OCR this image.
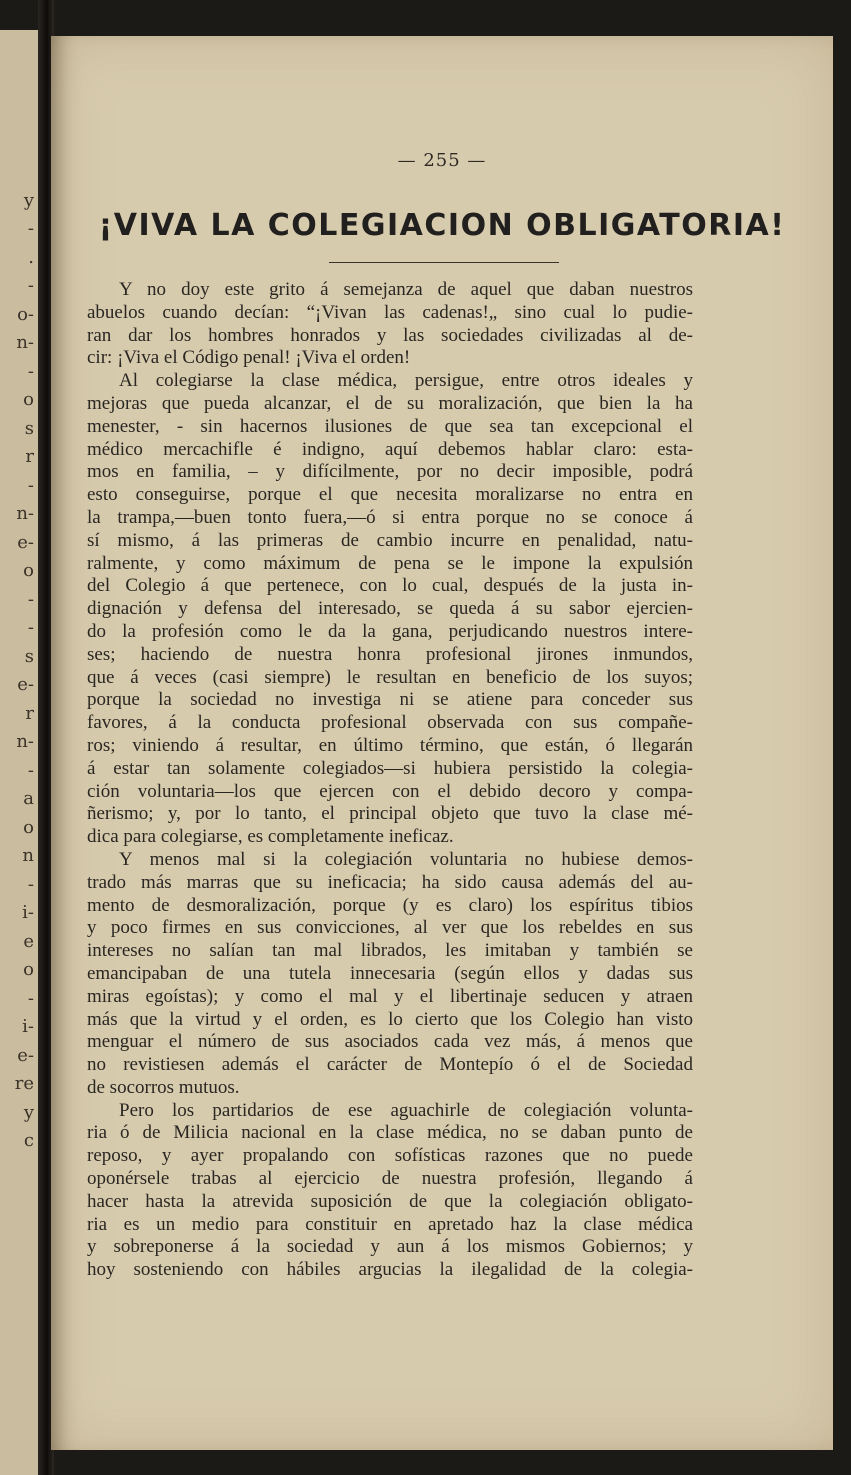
y
-
.
-
o-
n-
-
o
s
r
-
n-
e-
o
-
-
s
e-
r
n-
-
a
o
n
-
i-
e
o
-
i-
e-
re
y
c
— 255 —
¡VIVA LA COLEGIACION OBLIGATORIA!
Y no doy este grito á semejanza de aquel que daban nuestros
abuelos cuando decían: “¡Vivan las cadenas!„ sino cual lo pudie-
ran dar los hombres honrados y las sociedades civilizadas al de-
cir: ¡Viva el Código penal! ¡Viva el orden!
Al colegiarse la clase médica, persigue, entre otros ideales y
mejoras que pueda alcanzar, el de su moralización, que bien la ha
menester, - sin hacernos ilusiones de que sea tan excepcional el
médico mercachifle é indigno, aquí debemos hablar claro: esta-
mos en familia, – y difícilmente, por no decir imposible, podrá
esto conseguirse, porque el que necesita moralizarse no entra en
la trampa,—buen tonto fuera,—ó si entra porque no se conoce á
sí mismo, á las primeras de cambio incurre en penalidad, natu-
ralmente, y como máximum de pena se le impone la expulsión
del Colegio á que pertenece, con lo cual, después de la justa in-
dignación y defensa del interesado, se queda á su sabor ejercien-
do la profesión como le da la gana, perjudicando nuestros intere-
ses; haciendo de nuestra honra profesional jirones inmundos,
que á veces (casi siempre) le resultan en beneficio de los suyos;
porque la sociedad no investiga ni se atiene para conceder sus
favores, á la conducta profesional observada con sus compañe-
ros; viniendo á resultar, en último término, que están, ó llegarán
á estar tan solamente colegiados—si hubiera persistido la colegia-
ción voluntaria—los que ejercen con el debido decoro y compa-
ñerismo; y, por lo tanto, el principal objeto que tuvo la clase mé-
dica para colegiarse, es completamente ineficaz.
Y menos mal si la colegiación voluntaria no hubiese demos-
trado más marras que su ineficacia; ha sido causa además del au-
mento de desmoralización, porque (y es claro) los espíritus tibios
y poco firmes en sus convicciones, al ver que los rebeldes en sus
intereses no salían tan mal librados, les imitaban y también se
emancipaban de una tutela innecesaria (según ellos y dadas sus
miras egoístas); y como el mal y el libertinaje seducen y atraen
más que la virtud y el orden, es lo cierto que los Colegio han visto
menguar el número de sus asociados cada vez más, á menos que
no revistiesen además el carácter de Montepío ó el de Sociedad
de socorros mutuos.
Pero los partidarios de ese aguachirle de colegiación volunta-
ria ó de Milicia nacional en la clase médica, no se daban punto de
reposo, y ayer propalando con sofísticas razones que no puede
oponérsele trabas al ejercicio de nuestra profesión, llegando á
hacer hasta la atrevida suposición de que la colegiación obligato-
ria es un medio para constituir en apretado haz la clase médica
y sobreponerse á la sociedad y aun á los mismos Gobiernos; y
hoy sosteniendo con hábiles argucias la ilegalidad de la colegia-
